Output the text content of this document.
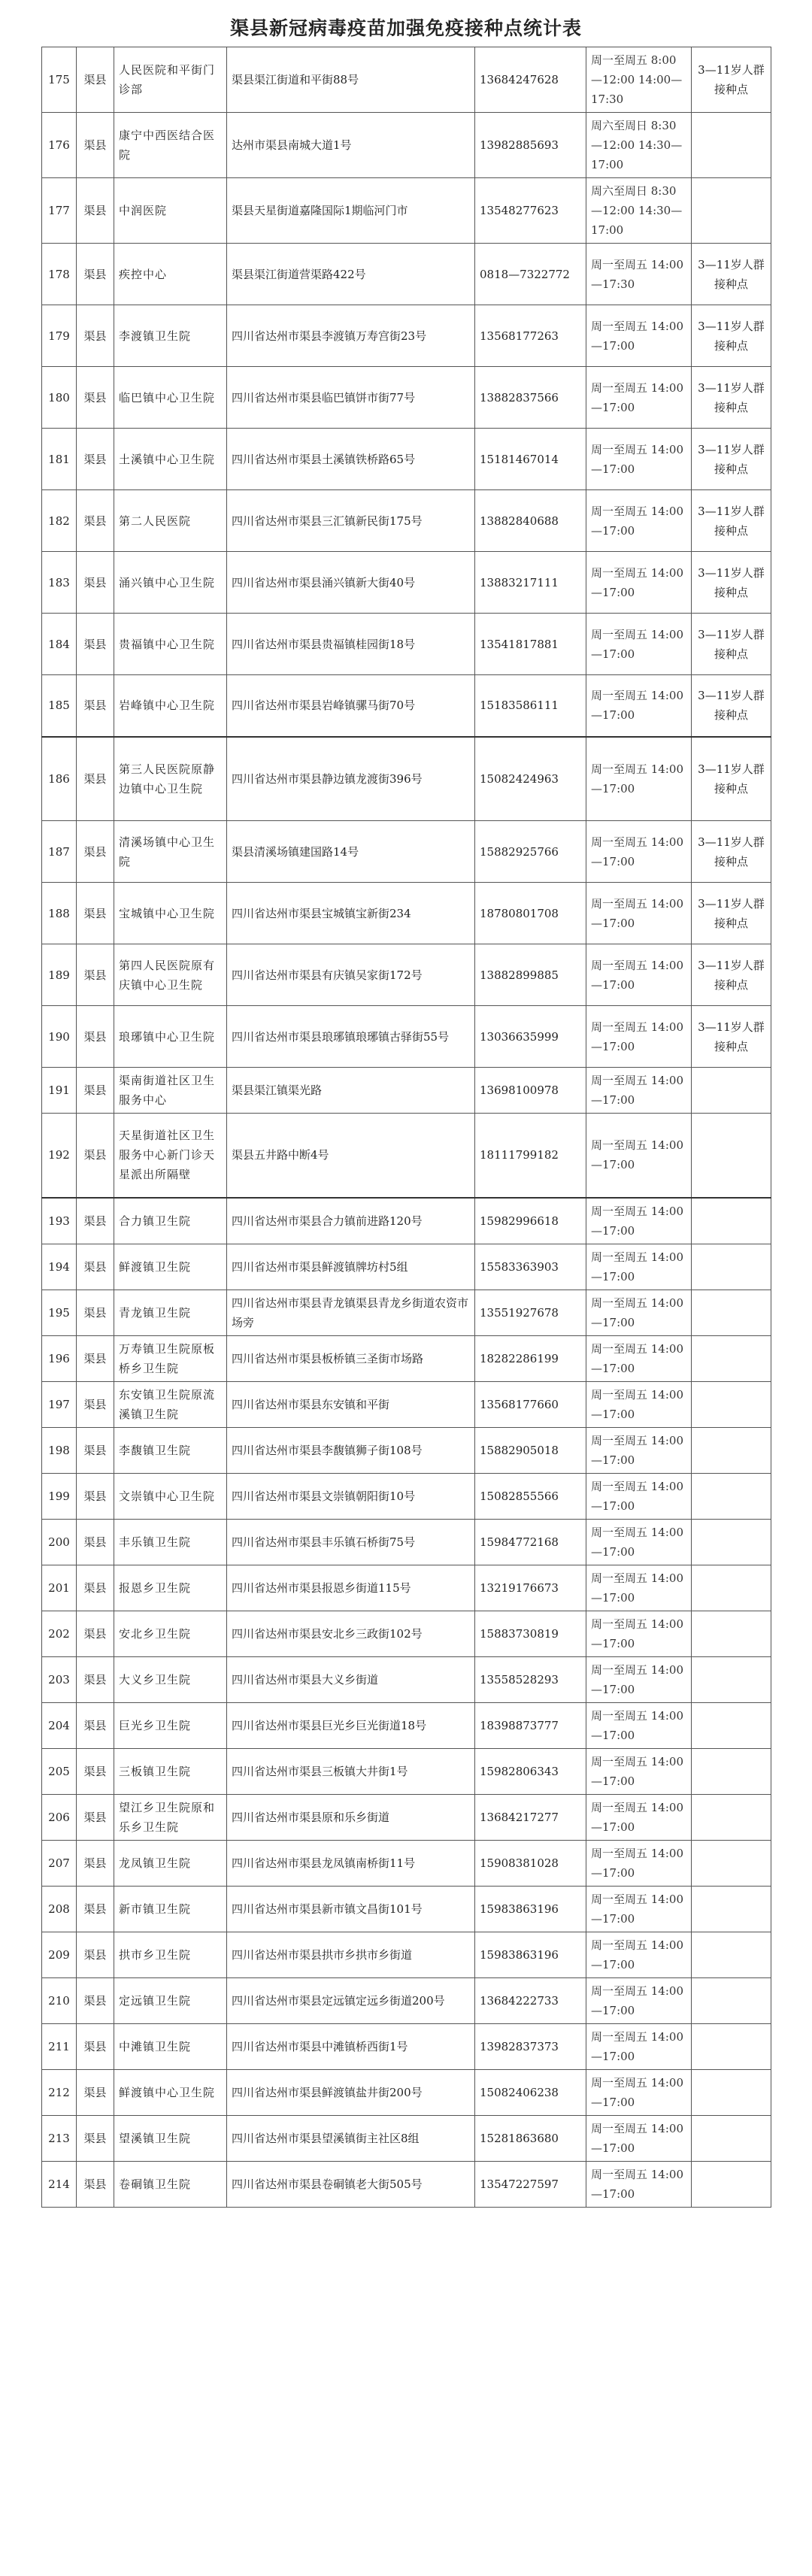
渠县新冠病毒疫苗加强免疫接种点统计表
175	渠县	人民医院和平街门诊部	渠县渠江街道和平街88号	13684247628	周一至周五 8:00—12:00 14:00—17:30	3—11岁人群接种点
176	渠县	康宁中西医结合医院	达州市渠县南城大道1号	13982885693	周六至周日 8:30—12:00 14:30—17:00	
177	渠县	中润医院	渠县天星街道嘉隆国际1期临河门市	13548277623	周六至周日 8:30—12:00 14:30—17:00	
178	渠县	疾控中心	渠县渠江街道营渠路422号	0818—7322772	周一至周五 14:00—17:30	3—11岁人群接种点
179	渠县	李渡镇卫生院	四川省达州市渠县李渡镇万寿宫街23号	13568177263	周一至周五 14:00—17:00	3—11岁人群接种点
180	渠县	临巴镇中心卫生院	四川省达州市渠县临巴镇饼市街77号	13882837566	周一至周五 14:00—17:00	3—11岁人群接种点
181	渠县	土溪镇中心卫生院	四川省达州市渠县土溪镇铁桥路65号	15181467014	周一至周五 14:00—17:00	3—11岁人群接种点
182	渠县	第二人民医院	四川省达州市渠县三汇镇新民街175号	13882840688	周一至周五 14:00—17:00	3—11岁人群接种点
183	渠县	涌兴镇中心卫生院	四川省达州市渠县涌兴镇新大街40号	13883217111	周一至周五 14:00—17:00	3—11岁人群接种点
184	渠县	贵福镇中心卫生院	四川省达州市渠县贵福镇桂园街18号	13541817881	周一至周五 14:00—17:00	3—11岁人群接种点
185	渠县	岩峰镇中心卫生院	四川省达州市渠县岩峰镇骡马街70号	15183586111	周一至周五 14:00—17:00	3—11岁人群接种点
186	渠县	第三人民医院原静边镇中心卫生院	四川省达州市渠县静边镇龙渡街396号	15082424963	周一至周五 14:00—17:00	3—11岁人群接种点
187	渠县	清溪场镇中心卫生院	渠县清溪场镇建国路14号	15882925766	周一至周五 14:00—17:00	3—11岁人群接种点
188	渠县	宝城镇中心卫生院	四川省达州市渠县宝城镇宝新街234	18780801708	周一至周五 14:00—17:00	3—11岁人群接种点
189	渠县	第四人民医院原有庆镇中心卫生院	四川省达州市渠县有庆镇吴家街172号	13882899885	周一至周五 14:00—17:00	3—11岁人群接种点
190	渠县	琅琊镇中心卫生院	四川省达州市渠县琅琊镇琅琊镇古驿街55号	13036635999	周一至周五 14:00—17:00	3—11岁人群接种点
191	渠县	渠南街道社区卫生服务中心	渠县渠江镇渠光路	13698100978	周一至周五 14:00—17:00	
192	渠县	天星街道社区卫生服务中心新门诊天星派出所隔壁	渠县五井路中断4号	18111799182	周一至周五 14:00—17:00	
193	渠县	合力镇卫生院	四川省达州市渠县合力镇前进路120号	15982996618	周一至周五 14:00—17:00	
194	渠县	鲜渡镇卫生院	四川省达州市渠县鲜渡镇牌坊村5组	15583363903	周一至周五 14:00—17:00	
195	渠县	青龙镇卫生院	四川省达州市渠县青龙镇渠县青龙乡街道农资市场旁	13551927678	周一至周五 14:00—17:00	
196	渠县	万寿镇卫生院原板桥乡卫生院	四川省达州市渠县板桥镇三圣街市场路	18282286199	周一至周五 14:00—17:00	
197	渠县	东安镇卫生院原流溪镇卫生院	四川省达州市渠县东安镇和平街	13568177660	周一至周五 14:00—17:00	
198	渠县	李馥镇卫生院	四川省达州市渠县李馥镇狮子街108号	15882905018	周一至周五 14:00—17:00	
199	渠县	文崇镇中心卫生院	四川省达州市渠县文崇镇朝阳街10号	15082855566	周一至周五 14:00—17:00	
200	渠县	丰乐镇卫生院	四川省达州市渠县丰乐镇石桥街75号	15984772168	周一至周五 14:00—17:00	
201	渠县	报恩乡卫生院	四川省达州市渠县报恩乡街道115号	13219176673	周一至周五 14:00—17:00	
202	渠县	安北乡卫生院	四川省达州市渠县安北乡三政街102号	15883730819	周一至周五 14:00—17:00	
203	渠县	大义乡卫生院	四川省达州市渠县大义乡街道	13558528293	周一至周五 14:00—17:00	
204	渠县	巨光乡卫生院	四川省达州市渠县巨光乡巨光街道18号	18398873777	周一至周五 14:00—17:00	
205	渠县	三板镇卫生院	四川省达州市渠县三板镇大井街1号	15982806343	周一至周五 14:00—17:00	
206	渠县	望江乡卫生院原和乐乡卫生院	四川省达州市渠县原和乐乡街道	13684217277	周一至周五 14:00—17:00	
207	渠县	龙凤镇卫生院	四川省达州市渠县龙凤镇南桥街11号	15908381028	周一至周五 14:00—17:00	
208	渠县	新市镇卫生院	四川省达州市渠县新市镇文昌街101号	15983863196	周一至周五 14:00—17:00	
209	渠县	拱市乡卫生院	四川省达州市渠县拱市乡拱市乡街道	15983863196	周一至周五 14:00—17:00	
210	渠县	定远镇卫生院	四川省达州市渠县定远镇定远乡街道200号	13684222733	周一至周五 14:00—17:00	
211	渠县	中滩镇卫生院	四川省达州市渠县中滩镇桥西街1号	13982837373	周一至周五 14:00—17:00	
212	渠县	鲜渡镇中心卫生院	四川省达州市渠县鲜渡镇盐井街200号	15082406238	周一至周五 14:00—17:00	
213	渠县	望溪镇卫生院	四川省达州市渠县望溪镇街主社区8组	15281863680	周一至周五 14:00—17:00	
214	渠县	卷硐镇卫生院	四川省达州市渠县卷硐镇老大街505号	13547227597	周一至周五 14:00—17:00	
